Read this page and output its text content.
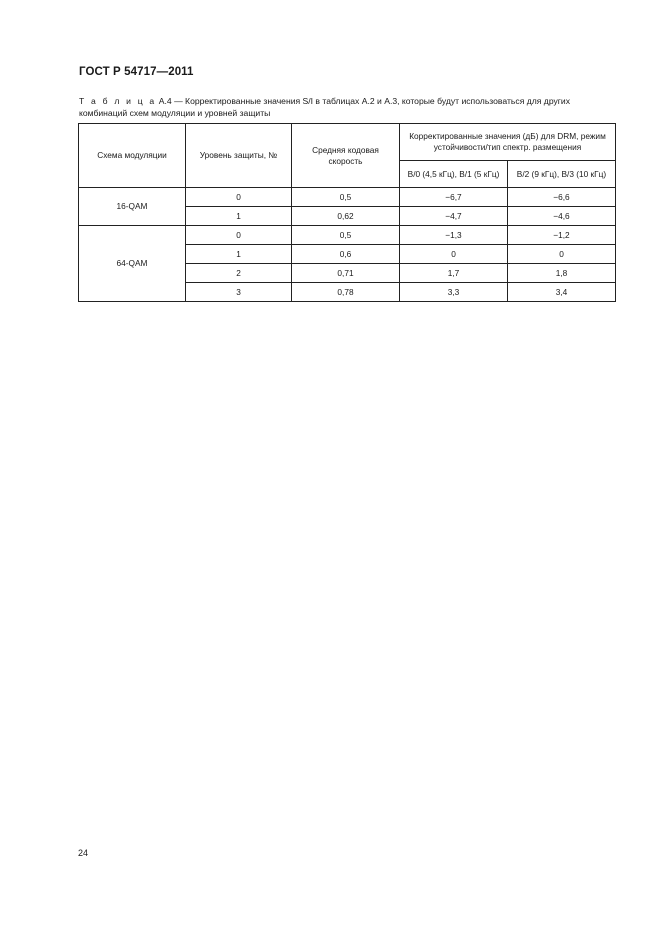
ГОСТ Р 54717—2011
Т а б л и ц а А.4 — Корректированные значения S/I в таблицах А.2 и А.3, которые будут использоваться для других комбинаций схем модуляции и уровней защиты
Схема модуляции	Уровень защиты, №	Средняя кодовая скорость	Корректированные значения (дБ) для DRM, режим устойчивости/тип спектр. размещения	
			B/0 (4,5 кГц), B/1 (5 кГц)	B/2 (9 кГц), B/3 (10 кГц)
16-QAM	0	0,5	−6,7	−6,6
	1	0,62	−4,7	−4,6
64-QAM	0	0,5	−1,3	−1,2
	1	0,6	0	0
	2	0,71	1,7	1,8
	3	0,78	3,3	3,4
24
